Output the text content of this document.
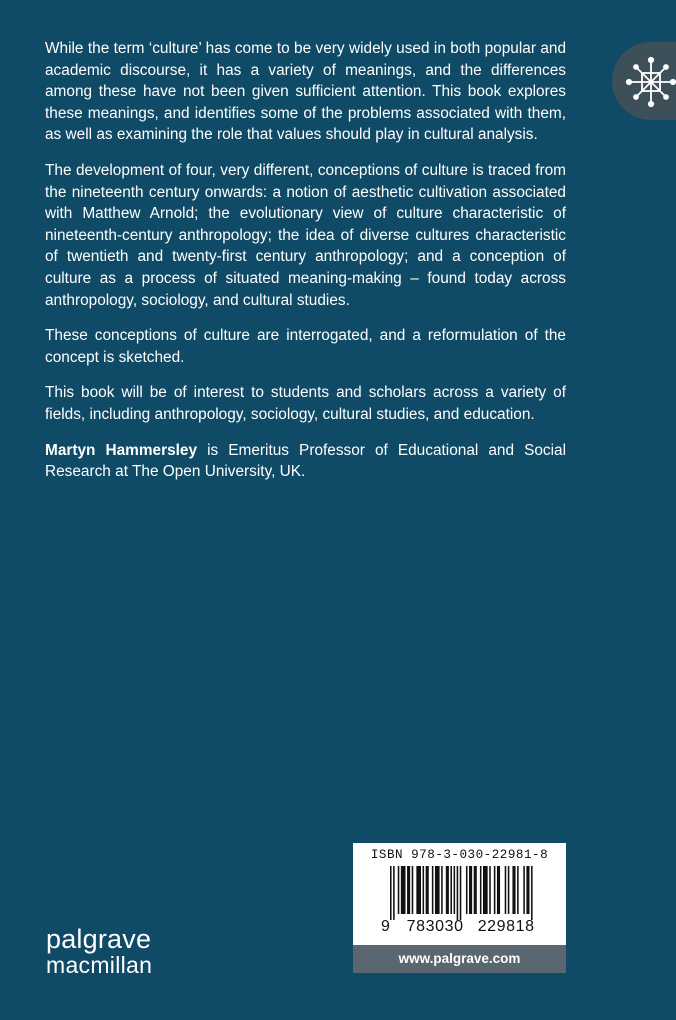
While the term ‘culture’ has come to be very widely used in both popular and academic discourse, it has a variety of meanings, and the differences among these have not been given sufficient attention. This book explores these meanings, and identifies some of the problems associated with them, as well as examining the role that values should play in cultural analysis.

The development of four, very different, conceptions of culture is traced from the nineteenth century onwards: a notion of aesthetic cultivation associated with Matthew Arnold; the evolutionary view of culture characteristic of nineteenth-century anthropology; the idea of diverse cultures characteristic of twentieth and twenty-first century anthropology; and a conception of culture as a process of situated meaning-making – found today across anthropology, sociology, and cultural studies.

These conceptions of culture are interrogated, and a reformulation of the concept is sketched.

This book will be of interest to students and scholars across a variety of fields, including anthropology, sociology, cultural studies, and education.

Martyn Hammersley is Emeritus Professor of Educational and Social Research at The Open University, UK.

palgrave
macmillan
ISBN 978-3-030-22981-8
9 783030 229818
www.palgrave.com
